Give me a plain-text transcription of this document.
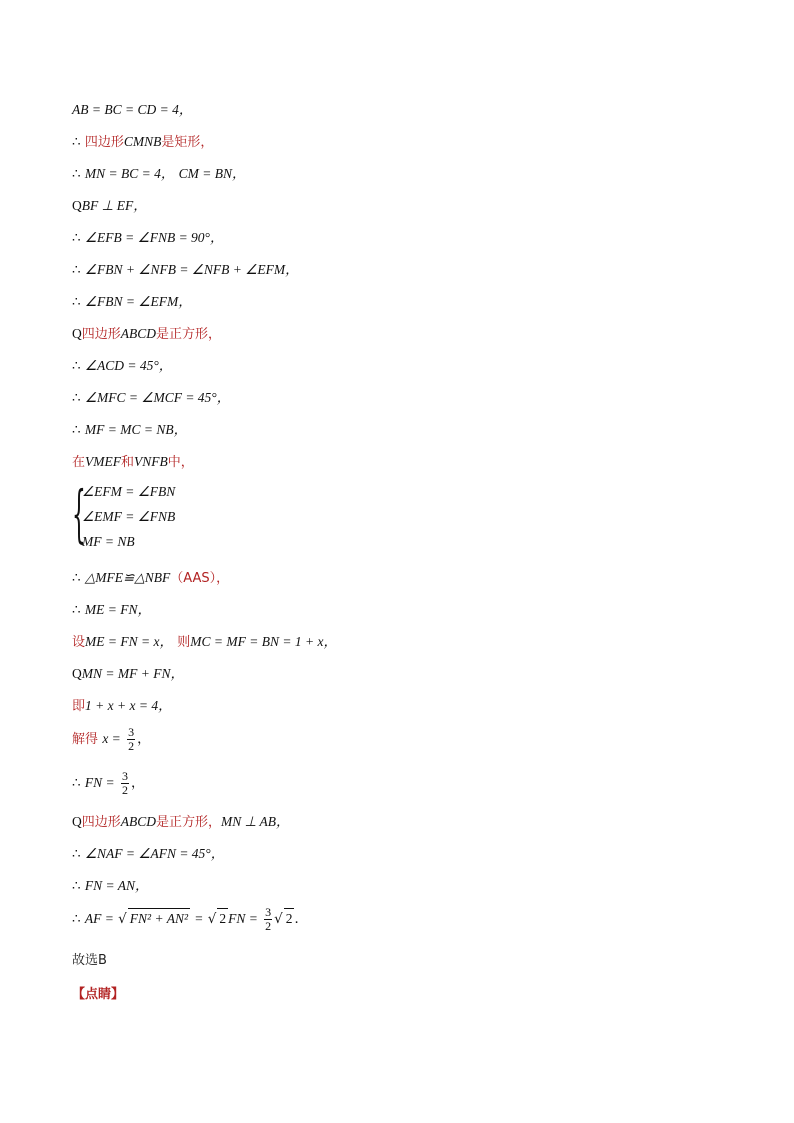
AB = BC = CD = 4，
∴ 四边形CMNB是矩形，
∴ MN = BC = 4， CM = BN，
QBF ⊥ EF，
∴ ∠EFB = ∠FNB = 90°，
∴ ∠FBN + ∠NFB = ∠NFB + ∠EFM，
∴ ∠FBN = ∠EFM，
Q四边形ABCD是正方形，
∴ ∠ACD = 45°，
∴ ∠MFC = ∠MCF = 45°，
∴ MF = MC = NB，
在VMEF和VNFB中，
{
∠EFM = ∠FBN
∠EMF = ∠FNB
MF = NB
∴ △MFE≌△NBF（AAS），
∴ ME = FN，
设ME = FN = x， 则MC = MF = BN = 1 + x，
QMN = MF + FN，
即1 + x + x = 4，
解得 $x = \frac{3}{2}$ ，
∴ FN = $\frac{3}{2}$ ，
Q四边形ABCD是正方形，MN ⊥ AB，
∴ ∠NAF = ∠AFN = 45°，
∴ FN = AN，
∴ AF = √ FN² + AN² = √ 2 FN = $\frac{3}{2}$ √ 2 ．
故选B
【点睛】
